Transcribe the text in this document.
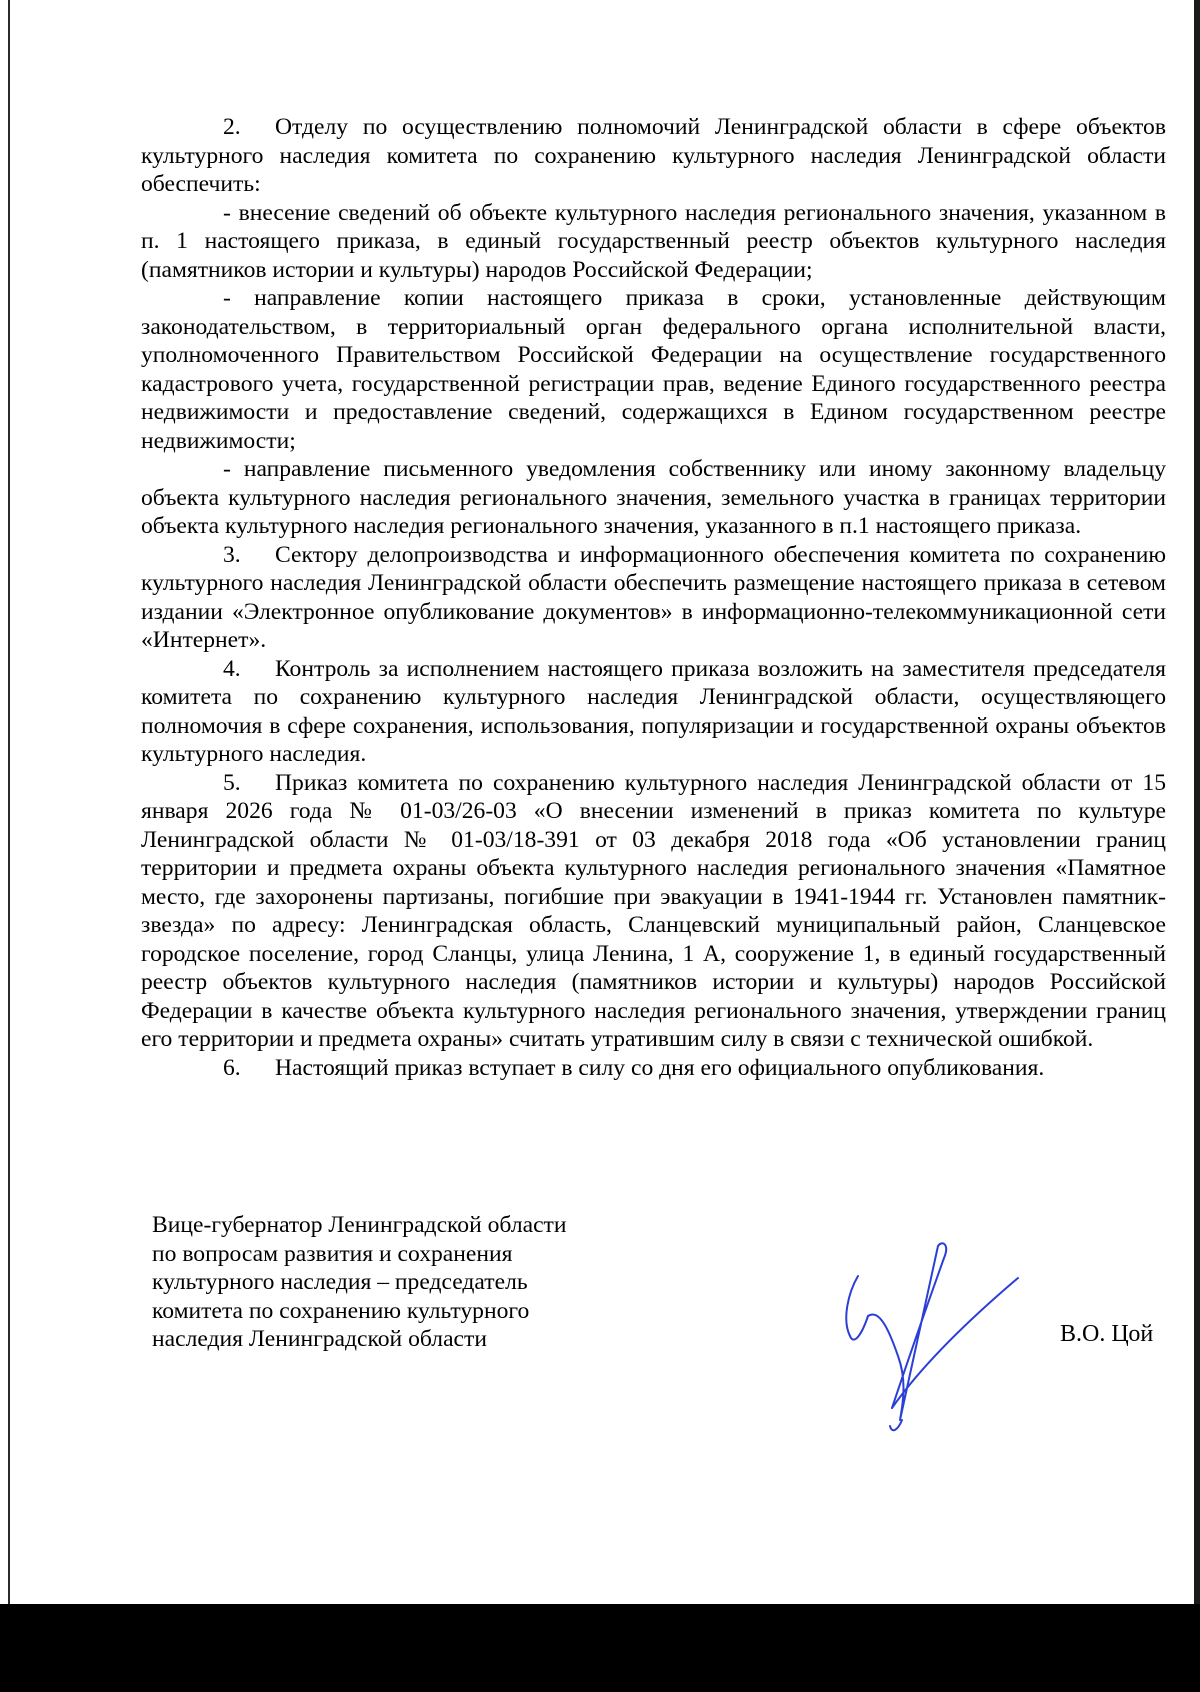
2. Отделу по осуществлению полномочий Ленинградской области в сфере объектов культурного наследия комитета по сохранению культурного наследия Ленинградской области обеспечить:

- внесение сведений об объекте культурного наследия регионального значения, указанном в п. 1 настоящего приказа, в единый государственный реестр объектов культурного наследия (памятников истории и культуры) народов Российской Федерации;

- направление копии настоящего приказа в сроки, установленные действующим законодательством, в территориальный орган федерального органа исполнительной власти, уполномоченного Правительством Российской Федерации на осуществление государственного кадастрового учета, государственной регистрации прав, ведение Единого государственного реестра недвижимости и предоставление сведений, содержащихся в Едином государственном реестре недвижимости;

- направление письменного уведомления собственнику или иному законному владельцу объекта культурного наследия регионального значения, земельного участка в границах территории объекта культурного наследия регионального значения, указанного в п.1 настоящего приказа.

3. Сектору делопроизводства и информационного обеспечения комитета по сохранению культурного наследия Ленинградской области обеспечить размещение настоящего приказа в сетевом издании «Электронное опубликование документов» в информационно-телекоммуникационной сети «Интернет».

4. Контроль за исполнением настоящего приказа возложить на заместителя председателя комитета по сохранению культурного наследия Ленинградской области, осуществляющего полномочия в сфере сохранения, использования, популяризации и государственной охраны объектов культурного наследия.

5. Приказ комитета по сохранению культурного наследия Ленинградской области от 15 января 2026 года № 01-03/26-03 «О внесении изменений в приказ комитета по культуре Ленинградской области № 01-03/18-391 от 03 декабря 2018 года «Об установлении границ территории и предмета охраны объекта культурного наследия регионального значения «Памятное место, где захоронены партизаны, погибшие при эвакуации в 1941-1944 гг. Установлен памятник-звезда» по адресу: Ленинградская область, Сланцевский муниципальный район, Сланцевское городское поселение, город Сланцы, улица Ленина, 1 А, сооружение 1, в единый государственный реестр объектов культурного наследия (памятников истории и культуры) народов Российской Федерации в качестве объекта культурного наследия регионального значения, утверждении границ его территории и предмета охраны» считать утратившим силу в связи с технической ошибкой.

6. Настоящий приказ вступает в силу со дня его официального опубликования.

Вице-губернатор Ленинградской области
по вопросам развития и сохранения
культурного наследия – председатель
комитета по сохранению культурного
наследия Ленинградской области	В.О. Цой
